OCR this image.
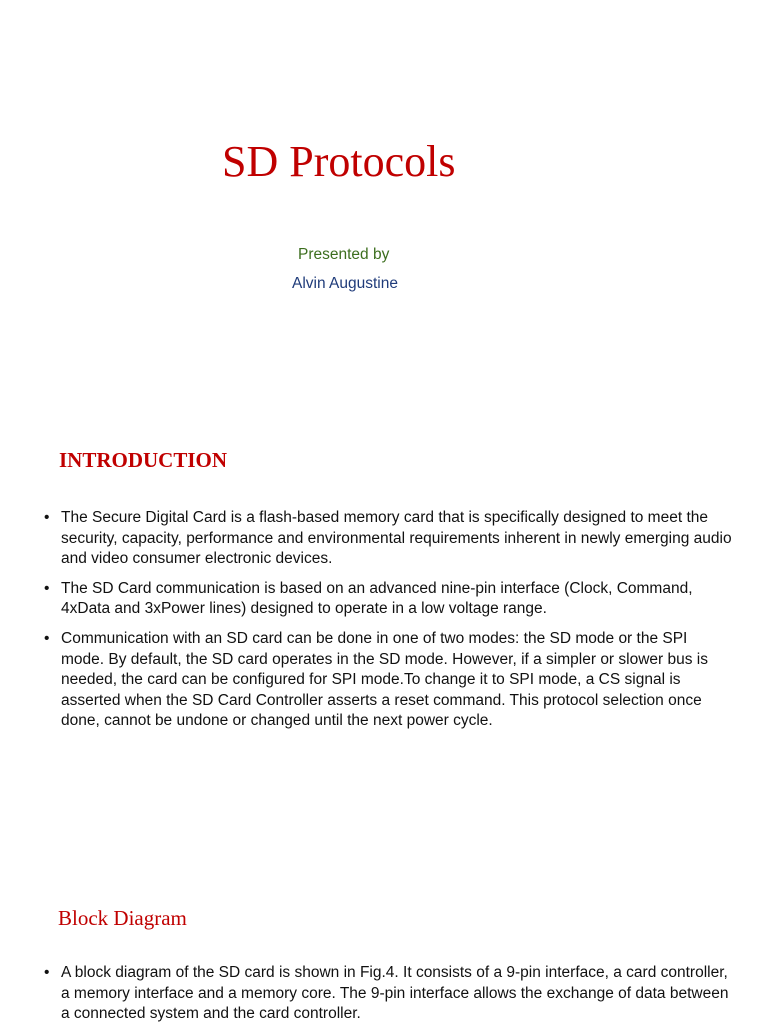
SD Protocols
Presented by
Alvin Augustine
INTRODUCTION
• The Secure Digital Card is a flash-based memory card that is specifically designed to meet the security, capacity, performance and environmental requirements inherent in newly emerging audio and video consumer electronic devices.
• The SD Card communication is based on an advanced nine-pin interface (Clock, Command, 4xData and 3xPower lines) designed to operate in a low voltage range.
• Communication with an SD card can be done in one of two modes: the SD mode or the SPI mode. By default, the SD card operates in the SD mode. However, if a simpler or slower bus is needed, the card can be configured for SPI mode.To change it to SPI mode, a CS signal is asserted when the SD Card Controller asserts a reset command. This protocol selection once done, cannot be undone or changed until the next power cycle.
Block Diagram
• A block diagram of the SD card is shown in Fig.4. It consists of a 9-pin interface, a card controller, a memory interface and a memory core. The 9-pin interface allows the exchange of data between a connected system and the card controller.
